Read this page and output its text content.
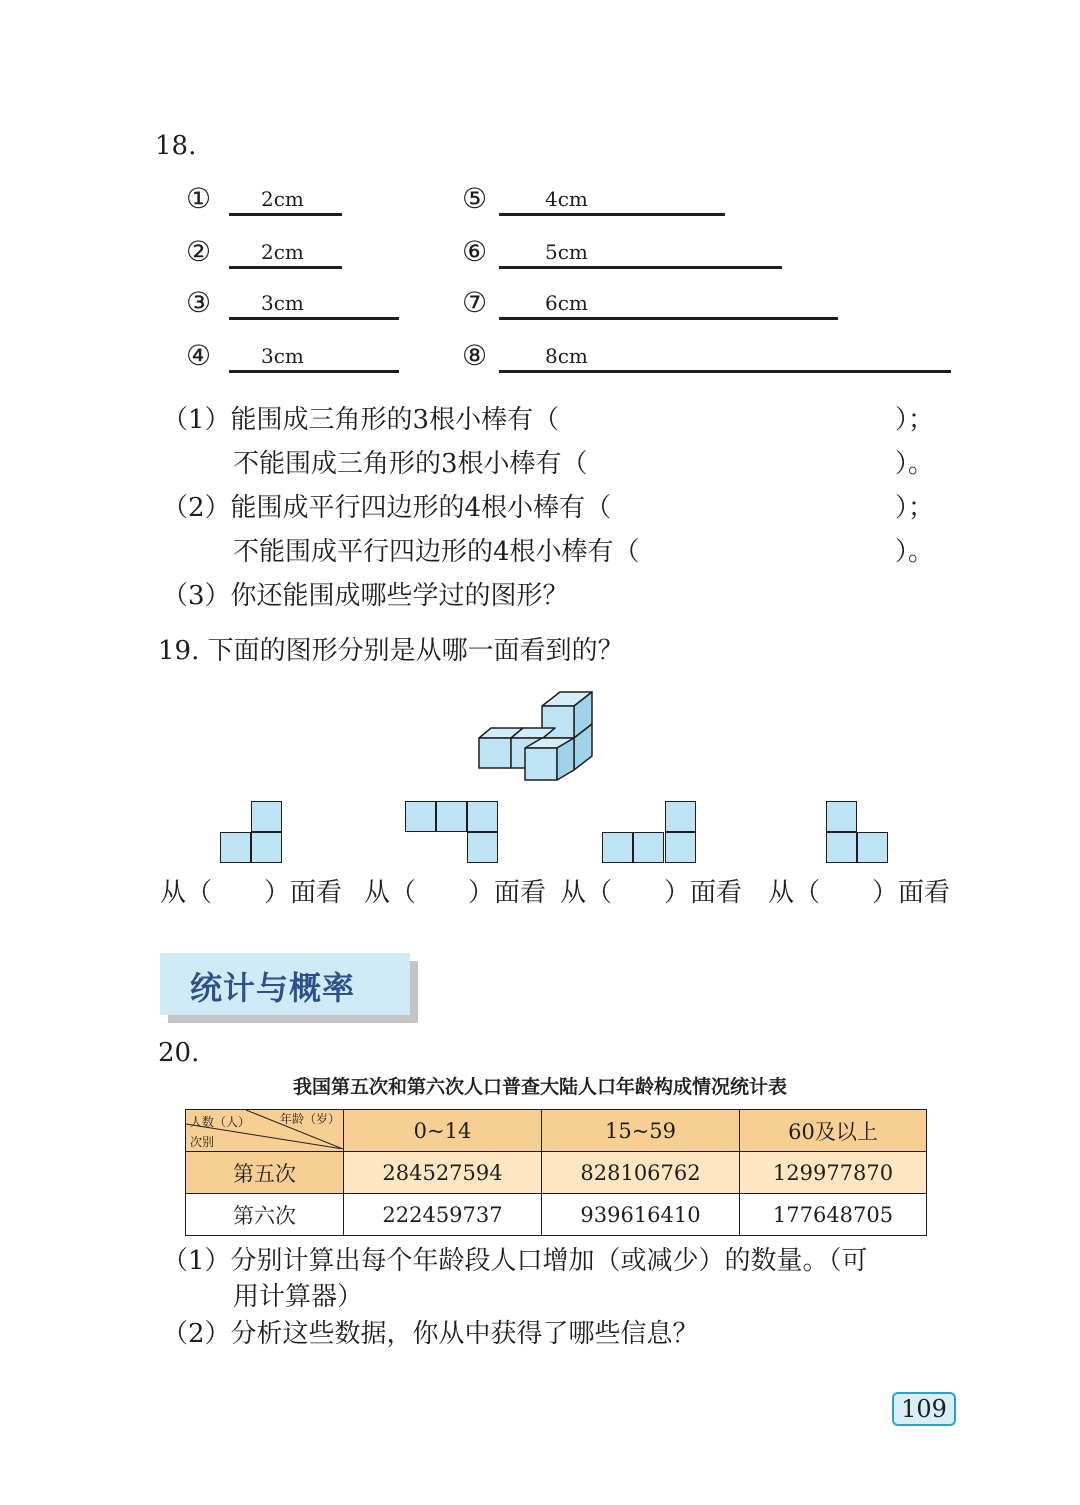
18.
① 2cm
② 2cm
③ 3cm
④ 3cm
⑤	4cm
⑥	5cm
⑦	6cm
⑧	8cm
（1）能围成三角形的3根小棒有（	）；
不能围成三角形的3根小棒有（	）。
（2）能围成平行四边形的4根小棒有（	）；
不能围成平行四边形的4根小棒有（	）。
（3）你还能围成哪些学过的图形？
19. 下面的图形分别是从哪一面看到的？
从（　　）面看 从（　　）面看 从（　　）面看 从（　　）面看
统计与概率
20.
我国第五次和第六次人口普查大陆人口年龄构成情况统计表
人数（人） 年龄（岁）
次别	0~14	15~59	60及以上
第五次	284527594	828106762	129977870
第六次	222459737	939616410	177648705
（1）分别计算出每个年龄段人口增加（或减少）的数量。（可
用计算器）
（2）分析这些数据，你从中获得了哪些信息？
109
